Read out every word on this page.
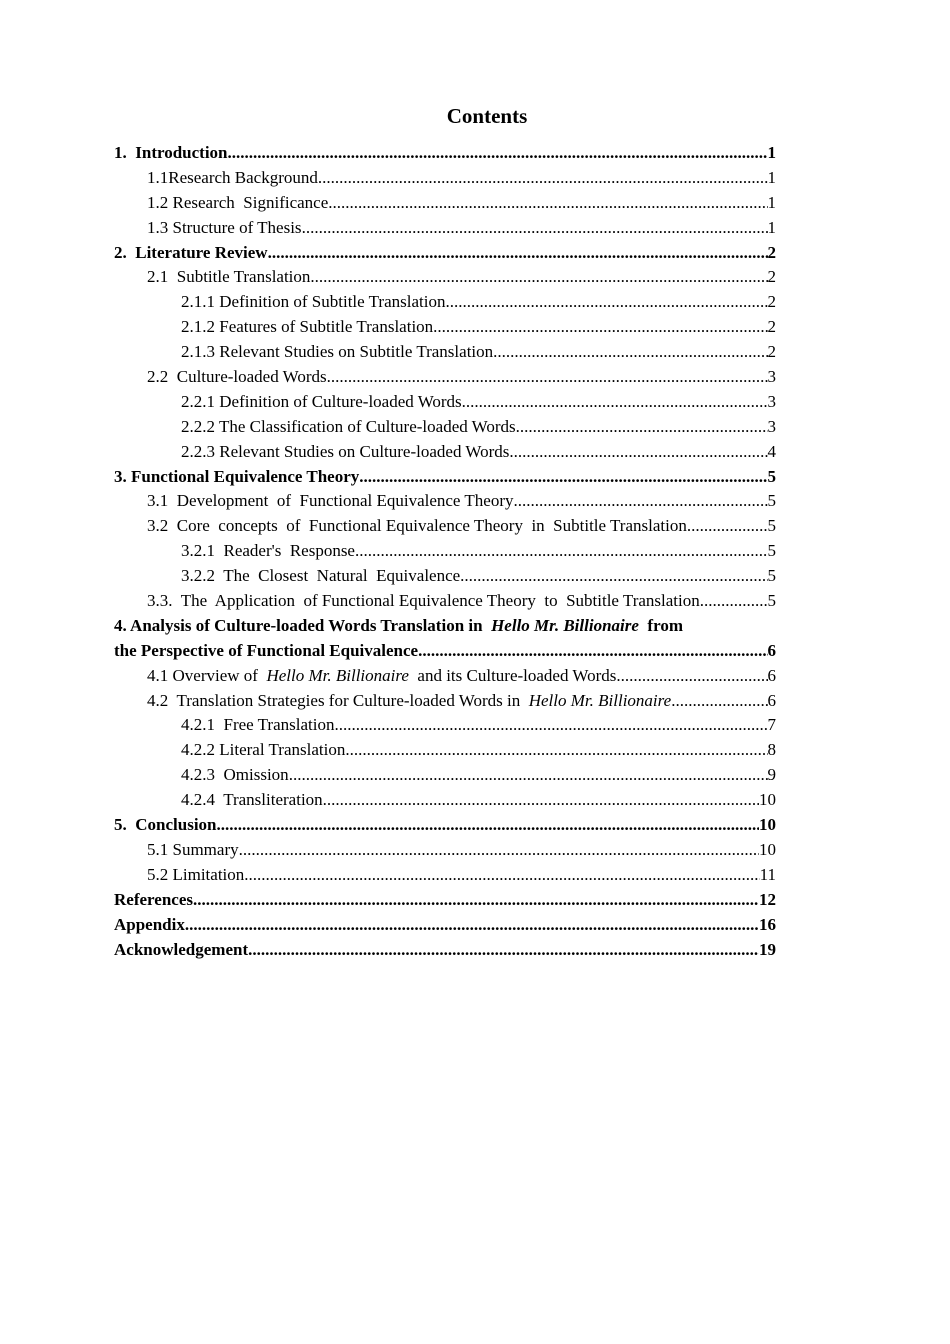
Contents
1.  Introduction .....	1
1.1Research Background .....	1
1.2 Research  Significance .....	1
1.3 Structure of Thesis .....	1
2.  Literature Review .....	2
2.1  Subtitle Translation .....	2
2.1.1 Definition of Subtitle Translation .....	2
2.1.2 Features of Subtitle Translation .....	2
2.1.3 Relevant Studies on Subtitle Translation .....	2
2.2  Culture-loaded Words .....	3
2.2.1 Definition of Culture-loaded Words .....	3
2.2.2 The Classification of Culture-loaded Words .....	3
2.2.3 Relevant Studies on Culture-loaded Words .....	4
3. Functional Equivalence Theory .....	5
3.1  Development  of  Functional Equivalence Theory .....	5
3.2  Core  concepts  of  Functional Equivalence Theory  in  Subtitle Translation .....	5
3.2.1  Reader's  Response .....	5
3.2.2  The  Closest  Natural  Equivalence .....	5
3.3.  The  Application  of Functional Equivalence Theory  to  Subtitle Translation .....	5
4. Analysis of Culture-loaded Words Translation in  Hello Mr. Billionaire  from
the Perspective of Functional Equivalence .....	6
4.1 Overview of  Hello Mr. Billionaire  and its Culture-loaded Words .....	6
4.2  Translation Strategies for Culture-loaded Words in  Hello Mr. Billionaire .....	6
4.2.1  Free Translation .....	7
4.2.2 Literal Translation .....	8
4.2.3  Omission .....	9
4.2.4  Transliteration .....	10
5.  Conclusion .....	10
5.1 Summary .....	10
5.2 Limitation .....	11
References .....	12
Appendix .....	16
Acknowledgement .....	19
